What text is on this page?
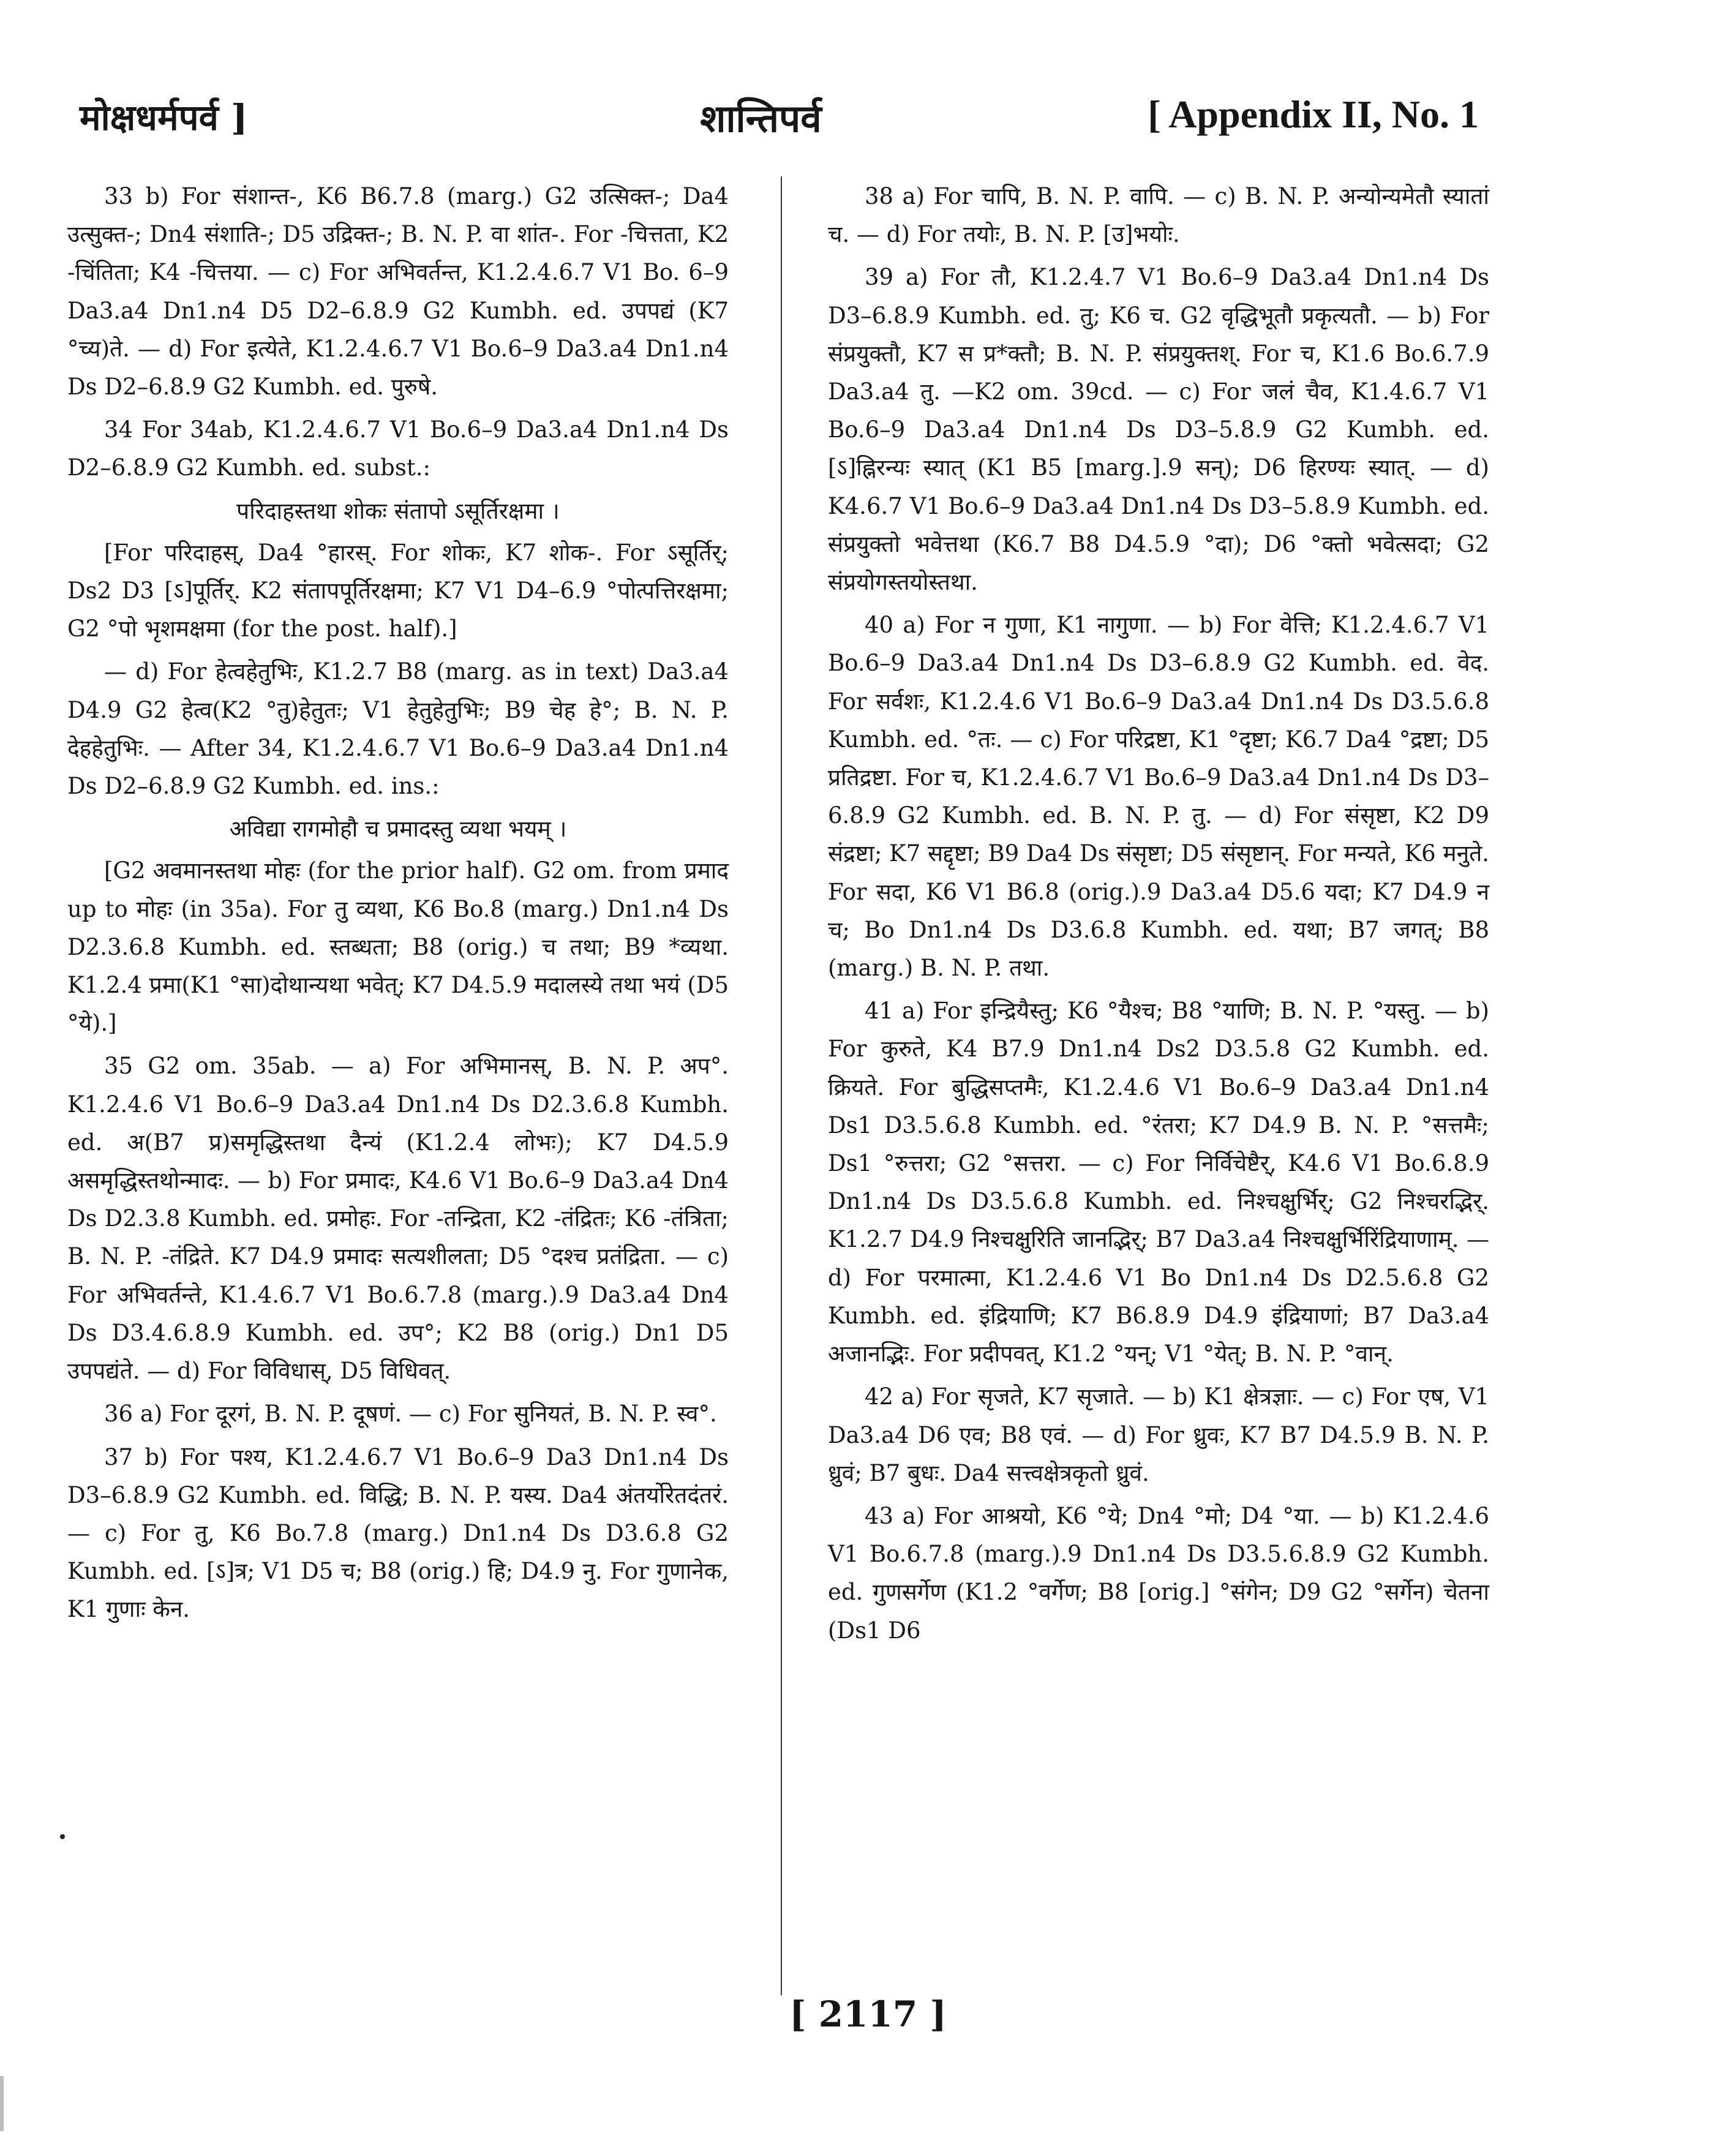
मोक्षधर्मपर्व ]	शान्तिपर्व	[ Appendix II, No. 1

33 b) For संशान्त-, K6 B6.7.8 (marg.) G2 उत्सिक्त-; Da4 उत्सुक्त-; Dn4 संशाति-; D5 उद्रिक्त-; B. N. P. वा शांत-. For -चित्तता, K2 -चिंतिता; K4 -चित्तया. — c) For अभिवर्तन्त, K1.2.4.6.7 V1 Bo. 6–9 Da3.a4 Dn1.n4 D5 D2–6.8.9 G2 Kumbh. ed. उपपद्यं (K7 °च्य)ते. — d) For इत्येते, K1.2.4.6.7 V1 Bo.6–9 Da3.a4 Dn1.n4 Ds D2–6.8.9 G2 Kumbh. ed. पुरुषे.

34 For 34ab, K1.2.4.6.7 V1 Bo.6–9 Da3.a4 Dn1.n4 Ds D2–6.8.9 G2 Kumbh. ed. subst.:

परिदाहस्तथा शोकः संतापो ऽसूर्तिरक्षमा ।

[For परिदाहस्, Da4 °हारस्. For शोकः, K7 शोक-. For ऽसूर्तिर्; Ds2 D3 [ऽ]पूर्तिर्. K2 संतापपूर्तिरक्षमा; K7 V1 D4–6.9 °पोत्पत्तिरक्षमा; G2 °पो भृशमक्षमा (for the post. half).]

— d) For हेत्वहेतुभिः, K1.2.7 B8 (marg. as in text) Da3.a4 D4.9 G2 हेत्व(K2 °तु)हेतुतः; V1 हेतुहेतुभिः; B9 चेह हे°; B. N. P. देहहेतुभिः. — After 34, K1.2.4.6.7 V1 Bo.6–9 Da3.a4 Dn1.n4 Ds D2–6.8.9 G2 Kumbh. ed. ins.:

अविद्या रागमोहौ च प्रमादस्तु व्यथा भयम् ।

[G2 अवमानस्तथा मोहः (for the prior half). G2 om. from प्रमाद up to मोहः (in 35a). For तु व्यथा, K6 Bo.8 (marg.) Dn1.n4 Ds D2.3.6.8 Kumbh. ed. स्तब्धता; B8 (orig.) च तथा; B9 *व्यथा. K1.2.4 प्रमा(K1 °सा)दोथान्यथा भवेत्; K7 D4.5.9 मदालस्ये तथा भयं (D5 °ये).]

35 G2 om. 35ab. — a) For अभिमानस्, B. N. P. अप°. K1.2.4.6 V1 Bo.6–9 Da3.a4 Dn1.n4 Ds D2.3.6.8 Kumbh. ed. अ(B7 प्र)समृद्धिस्तथा दैन्यं (K1.2.4 लोभः); K7 D4.5.9 असमृद्धिस्तथोन्मादः. — b) For प्रमादः, K4.6 V1 Bo.6–9 Da3.a4 Dn4 Ds D2.3.8 Kumbh. ed. प्रमोहः. For -तन्द्रिता, K2 -तंद्रितः; K6 -तंत्रिता; B. N. P. -तंद्रिते. K7 D4.9 प्रमादः सत्यशीलता; D5 °दश्च प्रतंद्रिता. — c) For अभिवर्तन्ते, K1.4.6.7 V1 Bo.6.7.8 (marg.).9 Da3.a4 Dn4 Ds D3.4.6.8.9 Kumbh. ed. उप°; K2 B8 (orig.) Dn1 D5 उपपद्यंते. — d) For विविधास्, D5 विधिवत्.

36 a) For दूरगं, B. N. P. दूषणं. — c) For सुनियतं, B. N. P. स्व°.

37 b) For पश्य, K1.2.4.6.7 V1 Bo.6–9 Da3 Dn1.n4 Ds D3–6.8.9 G2 Kumbh. ed. विद्धि; B. N. P. यस्य. Da4 अंतर्योरेतदंतरं. — c) For तु, K6 Bo.7.8 (marg.) Dn1.n4 Ds D3.6.8 G2 Kumbh. ed. [ऽ]त्र; V1 D5 च; B8 (orig.) हि; D4.9 नु. For गुणानेक, K1 गुणाः केन.

38 a) For चापि, B. N. P. वापि. — c) B. N. P. अन्योन्यमेतौ स्यातां च. — d) For तयोः, B. N. P. [उ]भयोः.

39 a) For तौ, K1.2.4.7 V1 Bo.6–9 Da3.a4 Dn1.n4 Ds D3–6.8.9 Kumbh. ed. तु; K6 च. G2 वृद्धिभूतौ प्रकृत्यतौ. — b) For संप्रयुक्तौ, K7 स प्र*क्तौ; B. N. P. संप्रयुक्तश्. For च, K1.6 Bo.6.7.9 Da3.a4 तु. —K2 om. 39cd. — c) For जलं चैव, K1.4.6.7 V1 Bo.6–9 Da3.a4 Dn1.n4 Ds D3–5.8.9 G2 Kumbh. ed. [ऽ]ह्निरन्यः स्यात् (K1 B5 [marg.].9 सन्); D6 हिरण्यः स्यात्. — d) K4.6.7 V1 Bo.6–9 Da3.a4 Dn1.n4 Ds D3–5.8.9 Kumbh. ed. संप्रयुक्तो भवेत्तथा (K6.7 B8 D4.5.9 °दा); D6 °क्तो भवेत्सदा; G2 संप्रयोगस्तयोस्तथा.

40 a) For न गुणा, K1 नागुणा. — b) For वेत्ति; K1.2.4.6.7 V1 Bo.6–9 Da3.a4 Dn1.n4 Ds D3–6.8.9 G2 Kumbh. ed. वेद. For सर्वशः, K1.2.4.6 V1 Bo.6–9 Da3.a4 Dn1.n4 Ds D3.5.6.8 Kumbh. ed. °तः. — c) For परिद्रष्टा, K1 °दृष्टा; K6.7 Da4 °द्रष्टा; D5 प्रतिद्रष्टा. For च, K1.2.4.6.7 V1 Bo.6–9 Da3.a4 Dn1.n4 Ds D3–6.8.9 G2 Kumbh. ed. B. N. P. तु. — d) For संसृष्टा, K2 D9 संद्रष्टा; K7 सद्दृष्टा; B9 Da4 Ds संसृष्टा; D5 संसृष्टान्. For मन्यते, K6 मनुते. For सदा, K6 V1 B6.8 (orig.).9 Da3.a4 D5.6 यदा; K7 D4.9 न च; Bo Dn1.n4 Ds D3.6.8 Kumbh. ed. यथा; B7 जगत्; B8 (marg.) B. N. P. तथा.

41 a) For इन्द्रियैस्तु; K6 °यैश्च; B8 °याणि; B. N. P. °यस्तु. — b) For कुरुते, K4 B7.9 Dn1.n4 Ds2 D3.5.8 G2 Kumbh. ed. क्रियते. For बुद्धिसप्तमैः, K1.2.4.6 V1 Bo.6–9 Da3.a4 Dn1.n4 Ds1 D3.5.6.8 Kumbh. ed. °रंतरा; K7 D4.9 B. N. P. °सत्तमैः; Ds1 °रुत्तरा; G2 °सत्तरा. — c) For निर्विचेष्टैर्, K4.6 V1 Bo.6.8.9 Dn1.n4 Ds D3.5.6.8 Kumbh. ed. निश्चक्षुर्भिर्; G2 निश्चरद्भिर्. K1.2.7 D4.9 निश्चक्षुरिति जानद्भिर्; B7 Da3.a4 निश्चक्षुर्भिरिंद्रियाणाम्. — d) For परमात्मा, K1.2.4.6 V1 Bo Dn1.n4 Ds D2.5.6.8 G2 Kumbh. ed. इंद्रियाणि; K7 B6.8.9 D4.9 इंद्रियाणां; B7 Da3.a4 अजानद्भिः. For प्रदीपवत्, K1.2 °यन्; V1 °येत्; B. N. P. °वान्.

42 a) For सृजते, K7 सृजाते. — b) K1 क्षेत्रज्ञाः. — c) For एष, V1 Da3.a4 D6 एव; B8 एवं. — d) For ध्रुवः, K7 B7 D4.5.9 B. N. P. ध्रुवं; B7 बुधः. Da4 सत्त्वक्षेत्रकृतो ध्रुवं.

43 a) For आश्रयो, K6 °ये; Dn4 °मो; D4 °या. — b) K1.2.4.6 V1 Bo.6.7.8 (marg.).9 Dn1.n4 Ds D3.5.6.8.9 G2 Kumbh. ed. गुणसर्गेण (K1.2 °वर्गेण; B8 [orig.] °संगेन; D9 G2 °सर्गेन) चेतना (Ds1 D6

[ 2117 ]
